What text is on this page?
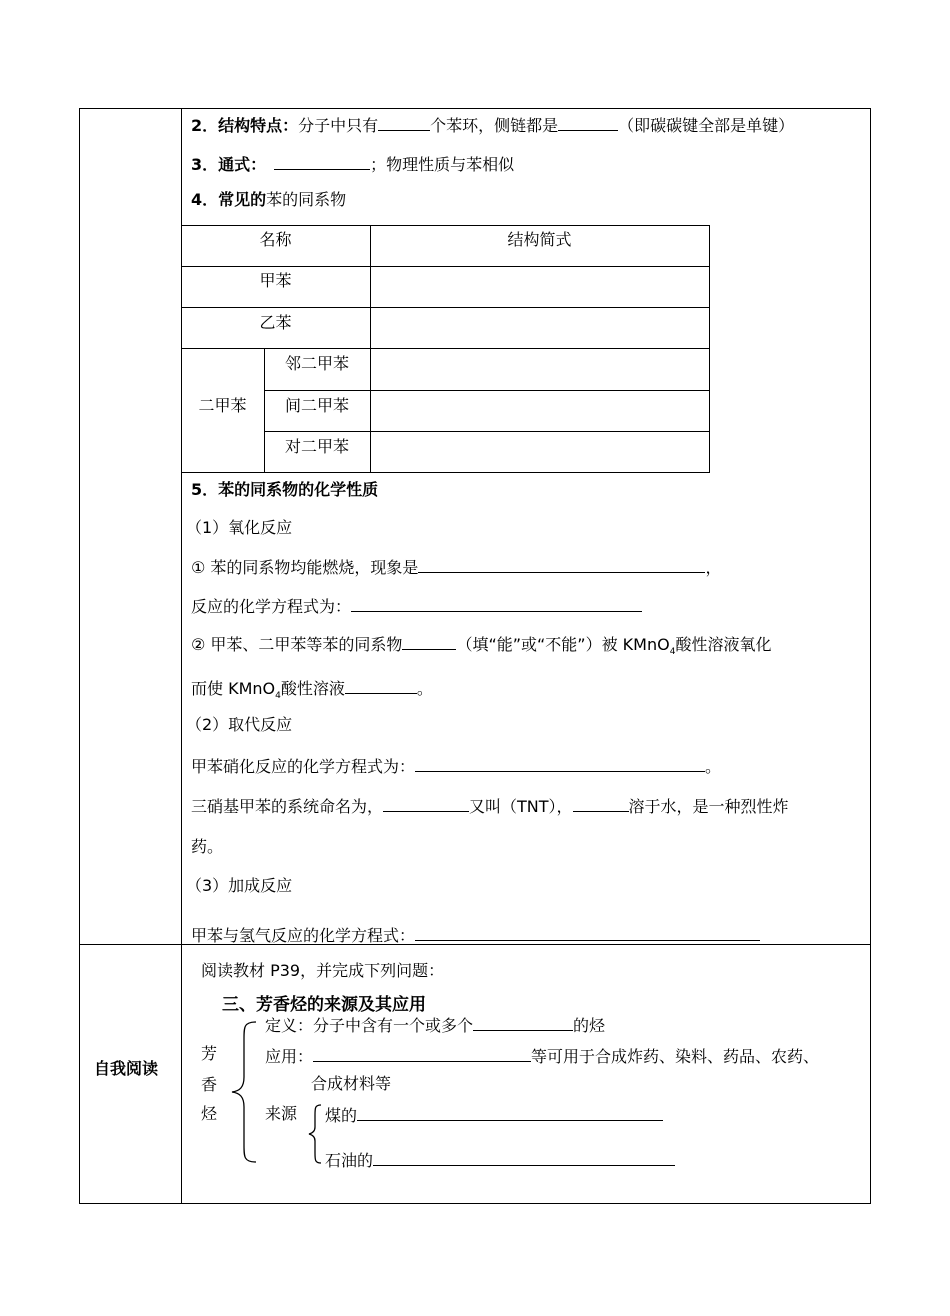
2．结构特点：分子中只有	个苯环，侧链都是	（即碳碳键全部是单键）
3．通式：	；物理性质与苯相似
4．常见的苯的同系物
名称	结构简式
甲苯
乙苯
二甲苯
邻二甲苯
间二甲苯
对二甲苯
5．苯的同系物的化学性质
（1）氧化反应
① 苯的同系物均能燃烧，现象是	，
反应的化学方程式为：
② 甲苯、二甲苯等苯的同系物	（填“能”或“不能”）被 KMnO$_4$酸性溶液氧化
而使 KMnO$_4$酸性溶液	。
（2）取代反应
甲苯硝化反应的化学方程式为：	。
三硝基甲苯的系统命名为，	又叫（TNT），	溶于水，是一种烈性炸
药。
（3）加成反应
甲苯与氢气反应的化学方程式：
自我阅读
阅读教材 P39，并完成下列问题：
三、芳香烃的来源及其应用
芳
香
烃
定义：分子中含有一个或多个	的烃
应用：	等可用于合成炸药、染料、药品、农药、
合成材料等
来源 煤的
石油的
